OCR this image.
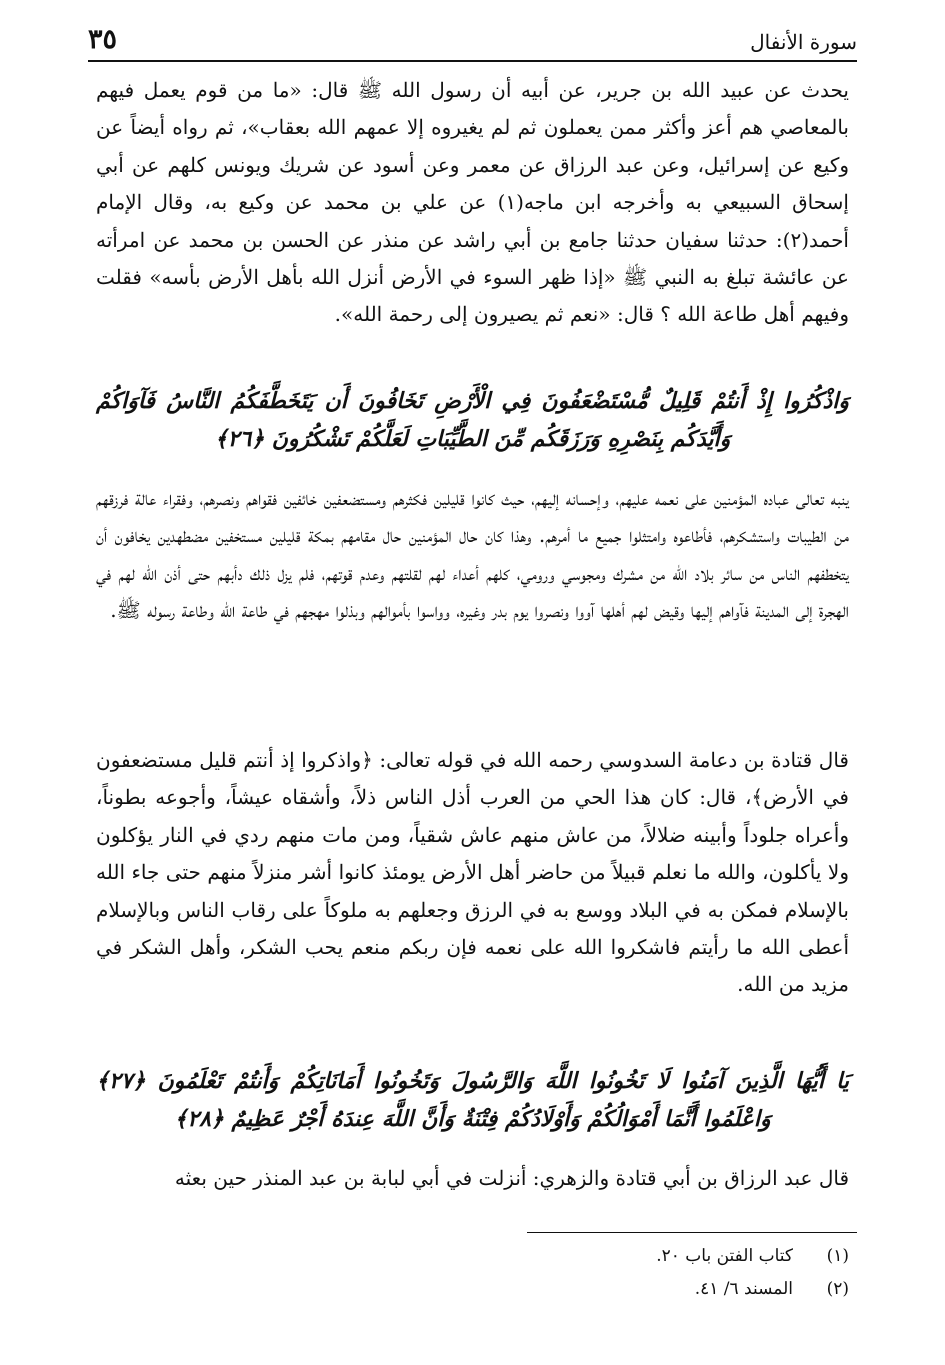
سورة الأنفال
٣٥

يحدث عن عبيد الله بن جرير، عن أبيه أن رسول الله ﷺ قال: «ما من قوم يعمل فيهم بالمعاصي هم أعز وأكثر ممن يعملون ثم لم يغيروه إلا عمهم الله بعقاب»، ثم رواه أيضاً عن وكيع عن إسرائيل، وعن عبد الرزاق عن معمر وعن أسود عن شريك ويونس كلهم عن أبي إسحاق السبيعي به وأخرجه ابن ماجه(١) عن علي بن محمد عن وكيع به، وقال الإمام أحمد(٢): حدثنا سفيان حدثنا جامع بن أبي راشد عن منذر عن الحسن بن محمد عن امرأته عن عائشة تبلغ به النبي ﷺ «إذا ظهر السوء في الأرض أنزل الله بأهل الأرض بأسه» فقلت وفيهم أهل طاعة الله ؟ قال: «نعم ثم يصيرون إلى رحمة الله».

وَاذْكُرُوا إِذْ أَنتُمْ قَلِيلٌ مُّسْتَضْعَفُونَ فِي الْأَرْضِ تَخَافُونَ أَن يَتَخَطَّفَكُمُ النَّاسُ فَآوَاكُمْ وَأَيَّدَكُم بِنَصْرِهِ وَرَزَقَكُم مِّنَ الطَّيِّبَاتِ لَعَلَّكُمْ تَشْكُرُونَ ﴿٢٦﴾

ينبه تعالى عباده المؤمنين على نعمه عليهم، وإحسانه إليهم، حيث كانوا قليلين فكثرهم ومستضعفين خائفين فقواهم ونصرهم، وفقراء عالة فرزقهم من الطيبات واستشكرهم، فأطاعوه وامتثلوا جميع ما أمرهم. وهذا كان حال المؤمنين حال مقامهم بمكة قليلين مستخفين مضطهدين يخافون أن يتخطفهم الناس من سائر بلاد الله من مشرك ومجوسي ورومي، كلهم أعداء لهم لقلتهم وعدم قوتهم، فلم يزل ذلك دأبهم حتى أذن الله لهم في الهجرة إلى المدينة فآواهم إليها وقيض لهم أهلها آووا ونصروا يوم بدر وغيره، وواسوا بأموالهم وبذلوا مهجهم في طاعة الله وطاعة رسوله ﷺ.

قال قتادة بن دعامة السدوسي رحمه الله في قوله تعالى: ﴿واذكروا إذ أنتم قليل مستضعفون في الأرض﴾، قال: كان هذا الحي من العرب أذل الناس ذلاً، وأشقاه عيشاً، وأجوعه بطوناً، وأعراه جلوداً وأبينه ضلالاً، من عاش منهم عاش شقياً، ومن مات منهم ردي في النار يؤكلون ولا يأكلون، والله ما نعلم قبيلاً من حاضر أهل الأرض يومئذ كانوا أشر منزلاً منهم حتى جاء الله بالإسلام فمكن به في البلاد ووسع به في الرزق وجعلهم به ملوكاً على رقاب الناس وبالإسلام أعطى الله ما رأيتم فاشكروا الله على نعمه فإن ربكم منعم يحب الشكر، وأهل الشكر في مزيد من الله.

يَا أَيُّهَا الَّذِينَ آمَنُوا لَا تَخُونُوا اللَّهَ وَالرَّسُولَ وَتَخُونُوا أَمَانَاتِكُمْ وَأَنتُمْ تَعْلَمُونَ ﴿٢٧﴾ وَاعْلَمُوا أَنَّمَا أَمْوَالُكُمْ وَأَوْلَادُكُمْ فِتْنَةٌ وَأَنَّ اللَّهَ عِندَهُ أَجْرٌ عَظِيمٌ ﴿٢٨﴾

قال عبد الرزاق بن أبي قتادة والزهري: أنزلت في أبي لبابة بن عبد المنذر حين بعثه

(١)كتاب الفتن باب ٢٠.
(٢)المسند ٦/ ٤١.
